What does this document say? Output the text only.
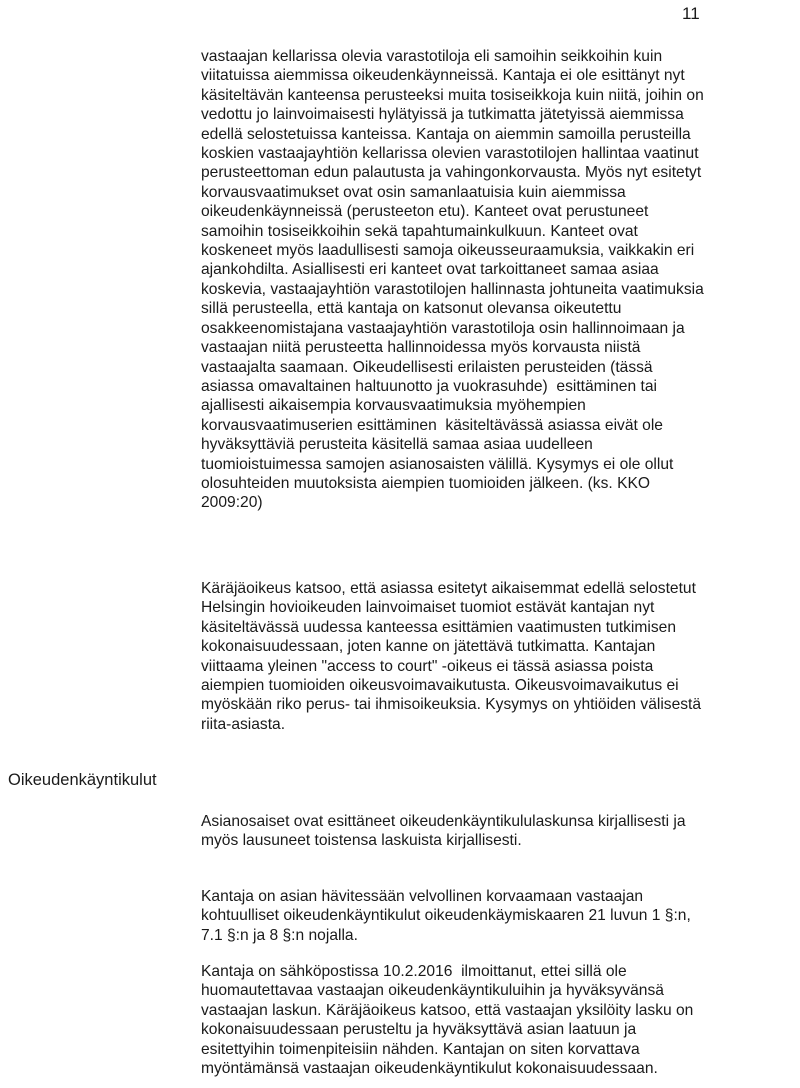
11
Oikeudenkäyntikulut
vastaajan kellarissa olevia varastotiloja eli samoihin seikkoihin kuin
viitatuissa aiemmissa oikeudenkäynneissä. Kantaja ei ole esittänyt nyt
käsiteltävän kanteensa perusteeksi muita tosiseikkoja kuin niitä, joihin on
vedottu jo lainvoimaisesti hylätyissä ja tutkimatta jätetyissä aiemmissa
edellä selostetuissa kanteissa. Kantaja on aiemmin samoilla perusteilla
koskien vastaajayhtiön kellarissa olevien varastotilojen hallintaa vaatinut
perusteettoman edun palautusta ja vahingonkorvausta. Myös nyt esitetyt
korvausvaatimukset ovat osin samanlaatuisia kuin aiemmissa
oikeudenkäynneissä (perusteeton etu). Kanteet ovat perustuneet
samoihin tosiseikkoihin sekä tapahtumainkulkuun. Kanteet ovat
koskeneet myös laadullisesti samoja oikeusseuraamuksia, vaikkakin eri
ajankohdilta. Asiallisesti eri kanteet ovat tarkoittaneet samaa asiaa
koskevia, vastaajayhtiön varastotilojen hallinnasta johtuneita vaatimuksia
sillä perusteella, että kantaja on katsonut olevansa oikeutettu
osakkeenomistajana vastaajayhtiön varastotiloja osin hallinnoimaan ja
vastaajan niitä perusteetta hallinnoidessa myös korvausta niistä
vastaajalta saamaan. Oikeudellisesti erilaisten perusteiden (tässä
asiassa omavaltainen haltuunotto ja vuokrasuhde)  esittäminen tai
ajallisesti aikaisempia korvausvaatimuksia myöhempien
korvausvaatimuserien esittäminen  käsiteltävässä asiassa eivät ole
hyväksyttäviä perusteita käsitellä samaa asiaa uudelleen
tuomioistuimessa samojen asianosaisten välillä. Kysymys ei ole ollut
olosuhteiden muutoksista aiempien tuomioiden jälkeen. (ks. KKO
2009:20)
Käräjäoikeus katsoo, että asiassa esitetyt aikaisemmat edellä selostetut
Helsingin hovioikeuden lainvoimaiset tuomiot estävät kantajan nyt
käsiteltävässä uudessa kanteessa esittämien vaatimusten tutkimisen
kokonaisuudessaan, joten kanne on jätettävä tutkimatta. Kantajan
viittaama yleinen "access to court" -oikeus ei tässä asiassa poista
aiempien tuomioiden oikeusvoimavaikutusta. Oikeusvoimavaikutus ei
myöskään riko perus- tai ihmisoikeuksia. Kysymys on yhtiöiden välisestä
riita-asiasta.
Asianosaiset ovat esittäneet oikeudenkäyntikululaskunsa kirjallisesti ja
myös lausuneet toistensa laskuista kirjallisesti.
Kantaja on asian hävitessään velvollinen korvaamaan vastaajan
kohtuulliset oikeudenkäyntikulut oikeudenkäymiskaaren 21 luvun 1 §:n,
7.1 §:n ja 8 §:n nojalla.
Kantaja on sähköpostissa 10.2.2016  ilmoittanut, ettei sillä ole
huomautettavaa vastaajan oikeudenkäyntikuluihin ja hyväksyvänsä
vastaajan laskun. Käräjäoikeus katsoo, että vastaajan yksilöity lasku on
kokonaisuudessaan perusteltu ja hyväksyttävä asian laatuun ja
esitettyihin toimenpiteisiin nähden. Kantajan on siten korvattava
myöntämänsä vastaajan oikeudenkäyntikulut kokonaisuudessaan.
